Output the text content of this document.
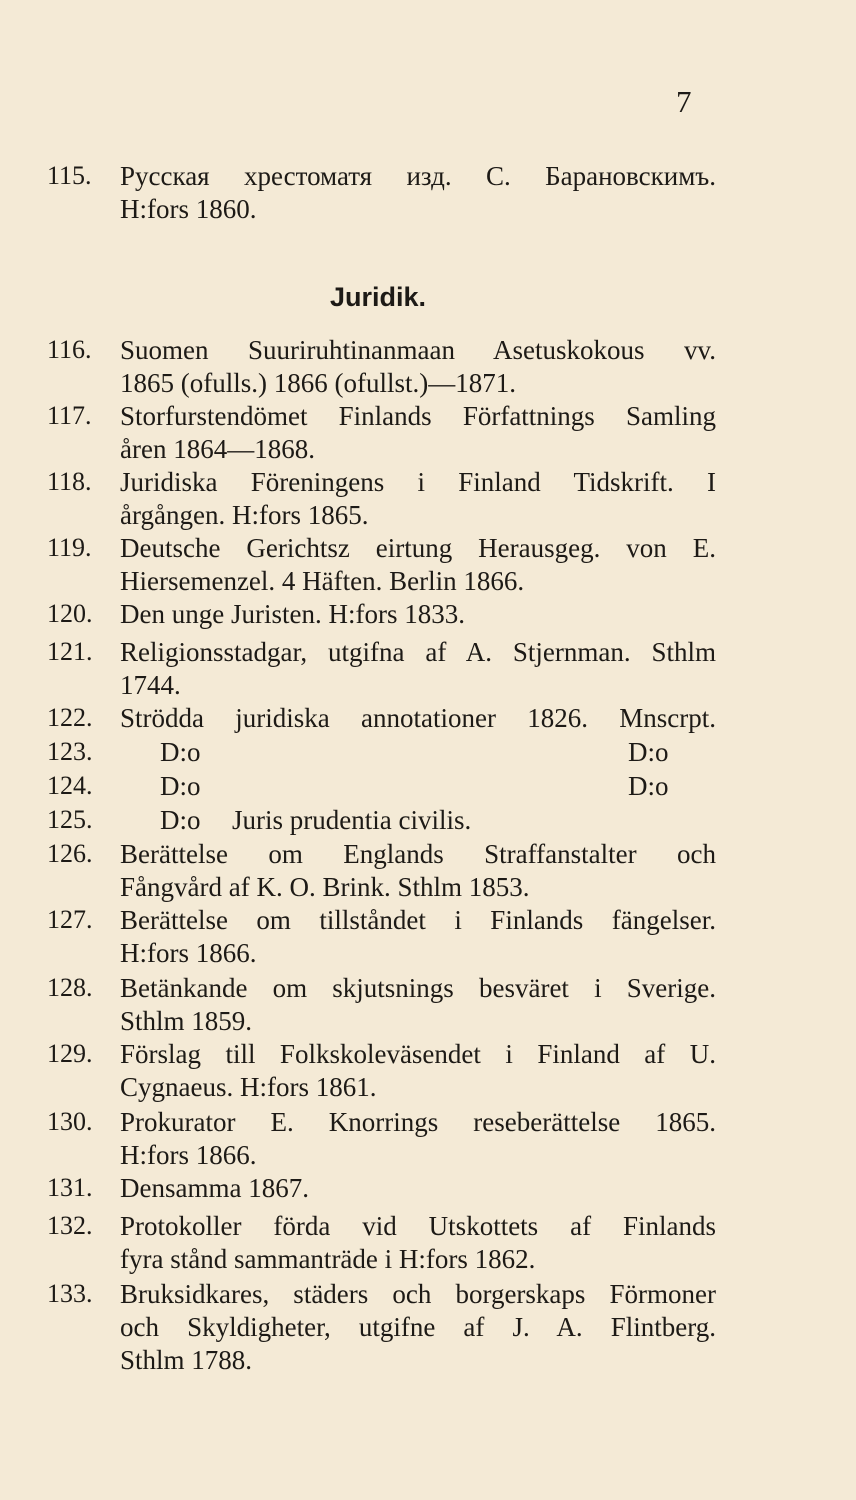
7
Juridik.
115. Русская хрестоматя изд. С. Барановскимъ.
H:fors 1860.
116. Suomen Suuriruhtinanmaan Asetuskokous vv.
1865 (ofulls.) 1866 (ofullst.)—1871.
117. Storfurstendömet Finlands Författnings Samling
åren 1864—1868.
118. Juridiska Föreningens i Finland Tidskrift. I
årgången. H:fors 1865.
119. Deutsche Gerichtsz eirtung Herausgeg. von E.
Hiersemenzel. 4 Häften. Berlin 1866.
120. Den unge Juristen. H:fors 1833.
121. Religionsstadgar, utgifna af A. Stjernman. Sthlm
1744.
122. Strödda juridiska annotationer 1826. Mnscrpt.
123.	D:o	D:o
124.	D:o	D:o
125.	D:o Juris prudentia civilis.
126. Berättelse om Englands Straffanstalter och
Fångvård af K. O. Brink. Sthlm 1853.
127. Berättelse om tillståndet i Finlands fängelser.
H:fors 1866.
128. Betänkande om skjutsnings besväret i Sverige.
Sthlm 1859.
129. Förslag till Folkskoleväsendet i Finland af U.
Cygnaeus. H:fors 1861.
130. Prokurator E. Knorrings reseberättelse 1865.
H:fors 1866.
131. Densamma 1867.
132. Protokoller förda vid Utskottets af Finlands
fyra stånd sammanträde i H:fors 1862.
133. Bruksidkares, städers och borgerskaps Förmoner
och Skyldigheter, utgifne af J. A. Flintberg.
Sthlm 1788.
